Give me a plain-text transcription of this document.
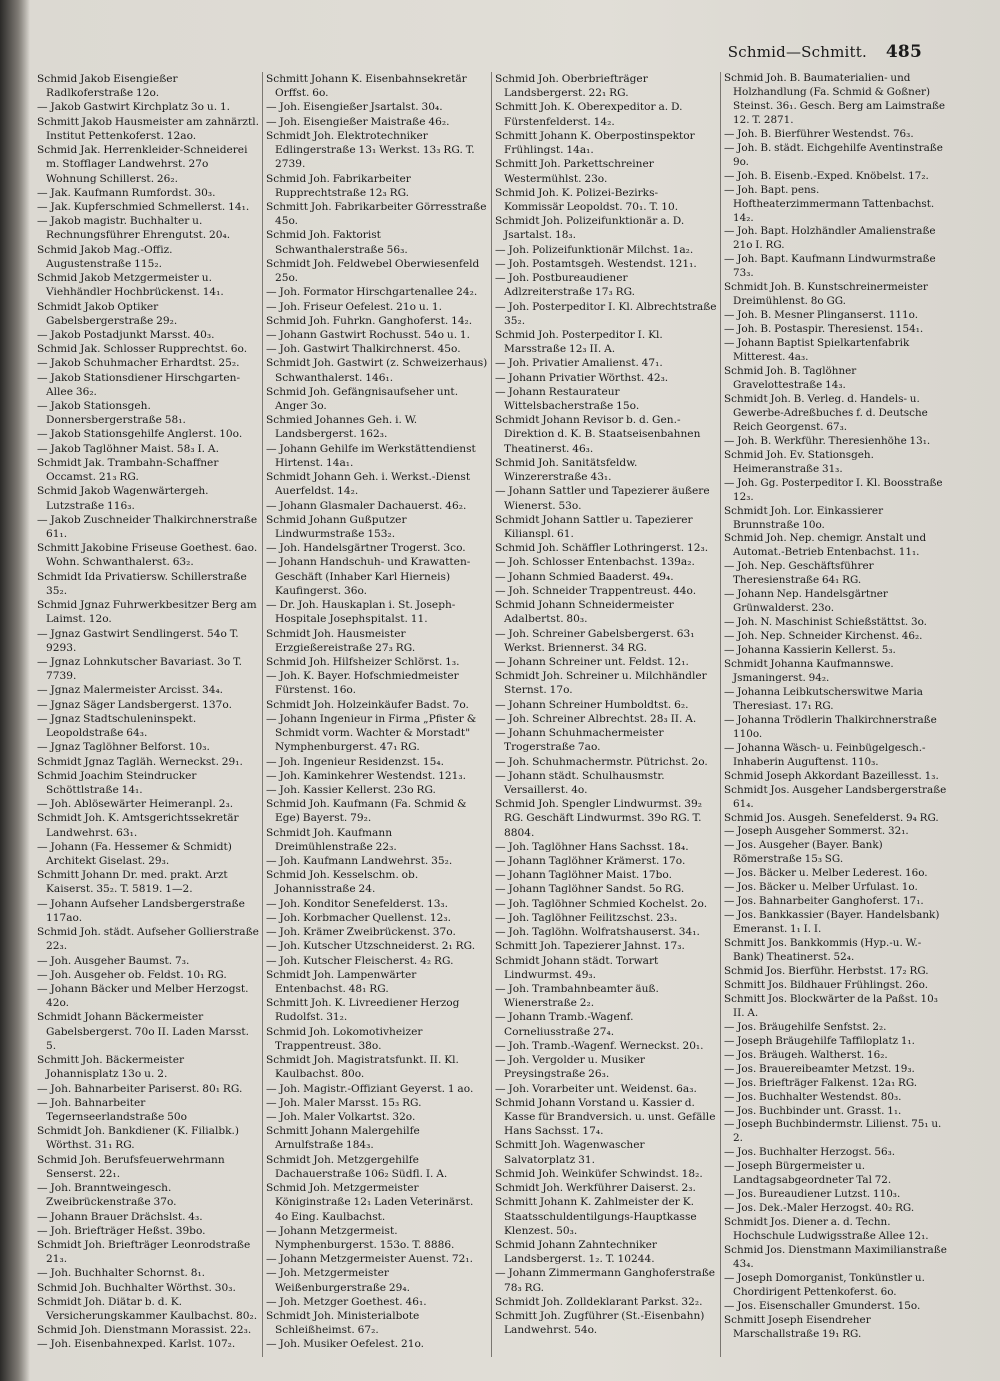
Schmid—Schmitt. 485

Schmid Jakob Eisengießer Radlkoferstraße 12o.

— Jakob Gastwirt Kirchplatz 3o u. 1.

Schmitt Jakob Hausmeister am zahnärztl. Institut Pettenkoferst. 12ao.

Schmid Jak. Herrenkleider-Schneiderei m. Stofflager Landwehrst. 27o Wohnung Schillerst. 26₂.

— Jak. Kaufmann Rumfordst. 30₃.

— Jak. Kupferschmied Schmellerst. 14₁.

— Jakob magistr. Buchhalter u. Rechnungsführer Ehrengutst. 20₄.

Schmid Jakob Mag.-Offiz. Augustenstraße 115₂.

Schmid Jakob Metzgermeister u. Viehhändler Hochbrückenst. 14₁.

Schmidt Jakob Optiker Gabelsbergerstraße 29₂.

— Jakob Postadjunkt Marsst. 40₃.

Schmid Jak. Schlosser Rupprechtst. 6o.

— Jakob Schuhmacher Erhardtst. 25₂.

— Jakob Stationsdiener Hirschgarten-Allee 36₂.

— Jakob Stationsgeh. Donnersbergerstraße 58₁.

— Jakob Stationsgehilfe Anglerst. 10o.

— Jakob Taglöhner Maist. 58₃ I. A.

Schmidt Jak. Trambahn-Schaffner Occamst. 21₃ RG.

Schmid Jakob Wagenwärtergeh. Lutzstraße 116₃.

— Jakob Zuschneider Thalkirchnerstraße 61₁.

Schmitt Jakobine Friseuse Goethest. 6ao. Wohn. Schwanthalerst. 63₂.

Schmidt Ida Privatiersw. Schillerstraße 35₂.

Schmid Jgnaz Fuhrwerkbesitzer Berg am Laimst. 12o.

— Jgnaz Gastwirt Sendlingerst. 54o T. 9293.

— Jgnaz Lohnkutscher Bavariast. 3o T. 7739.

— Jgnaz Malermeister Arcisst. 34₄.

— Jgnaz Säger Landsbergerst. 137o.

— Jgnaz Stadtschuleninspekt. Leopoldstraße 64₃.

— Jgnaz Taglöhner Belforst. 10₃.

Schmidt Jgnaz Tagläh. Werneckst. 29₁.

Schmid Joachim Steindrucker Schöttlstraße 14₁.

— Joh. Ablösewärter Heimeranpl. 2₃.

Schmidt Joh. K. Amtsgerichtssekretär Landwehrst. 63₁.

— Johann (Fa. Hessemer & Schmidt) Architekt Giselast. 29₃.

Schmitt Johann Dr. med. prakt. Arzt Kaiserst. 35₂. T. 5819. 1—2.

— Johann Aufseher Landsbergerstraße 117ao.

Schmid Joh. städt. Aufseher Gollierstraße 22₃.

— Joh. Ausgeher Baumst. 7₃.

— Joh. Ausgeher ob. Feldst. 10₁ RG.

— Johann Bäcker und Melber Herzogst. 42o.

Schmidt Johann Bäckermeister Gabelsbergerst. 70o II. Laden Marsst. 5.

Schmitt Joh. Bäckermeister Johannisplatz 13o u. 2.

— Joh. Bahnarbeiter Pariserst. 80₁ RG.

— Joh. Bahnarbeiter Tegernseerlandstraße 50o

Schmidt Joh. Bankdiener (K. Filialbk.) Wörthst. 31₁ RG.

Schmid Joh. Berufsfeuerwehrmann Senserst. 22₁.

— Joh. Branntweingesch. Zweibrückenstraße 37o.

— Johann Brauer Drächslst. 4₃.

— Joh. Briefträger Heßst. 39bo.

Schmidt Joh. Briefträger Leonrodstraße 21₃.

— Joh. Buchhalter Schornst. 8₁.

Schmid Joh. Buchhalter Wörthst. 30₃.

Schmidt Joh. Diätar b. d. K. Versicherungskammer Kaulbachst. 80₂.

Schmid Joh. Dienstmann Morassist. 22₃.

— Joh. Eisenbahnexped. Karlst. 107₂.

Schmitt Johann K. Eisenbahnsekretär Orffst. 6o.

— Joh. Eisengießer Jsartalst. 30₄.

— Joh. Eisengießer Maistraße 46₂.

Schmidt Joh. Elektrotechniker Edlingerstraße 13₁ Werkst. 13₃ RG. T. 2739.

Schmid Joh. Fabrikarbeiter Rupprechtstraße 12₃ RG.

Schmitt Joh. Fabrikarbeiter Görresstraße 45o.

Schmid Joh. Faktorist Schwanthalerstraße 56₃.

Schmidt Joh. Feldwebel Oberwiesenfeld 25o.

— Joh. Formator Hirschgartenallee 24₂.

— Joh. Friseur Oefelest. 21o u. 1.

Schmid Joh. Fuhrkn. Ganghoferst. 14₂.

— Johann Gastwirt Rochusst. 54o u. 1.

— Joh. Gastwirt Thalkirchnerst. 45o.

Schmidt Joh. Gastwirt (z. Schweizerhaus) Schwanthalerst. 146₁.

Schmid Joh. Gefängnisaufseher unt. Anger 3o.

Schmied Johannes Geh. i. W. Landsbergerst. 162₃.

— Johann Gehilfe im Werkstättendienst Hirtenst. 14a₁.

Schmidt Johann Geh. i. Werkst.-Dienst Auerfeldst. 14₂.

— Johann Glasmaler Dachauerst. 46₂.

Schmid Johann Gußputzer Lindwurmstraße 153₂.

— Joh. Handelsgärtner Trogerst. 3co.

— Johann Handschuh- und Krawatten-Geschäft (Inhaber Karl Hierneis) Kaufingerst. 36o.

— Dr. Joh. Hauskaplan i. St. Joseph-Hospitale Josephspitalst. 11.

Schmidt Joh. Hausmeister Erzgießereistraße 27₃ RG.

Schmid Joh. Hilfsheizer Schlörst. 1₃.

— Joh. K. Bayer. Hofschmiedmeister Fürstenst. 16o.

Schmidt Joh. Holzeinkäufer Badst. 7o.

— Johann Ingenieur in Firma „Pfister & Schmidt vorm. Wachter & Morstadt" Nymphenburgerst. 47₁ RG.

— Joh. Ingenieur Residenzst. 15₄.

— Joh. Kaminkehrer Westendst. 121₃.

— Joh. Kassier Kellerst. 23o RG.

Schmid Joh. Kaufmann (Fa. Schmid & Ege) Bayerst. 79₂.

Schmidt Joh. Kaufmann Dreimühlenstraße 22₃.

— Joh. Kaufmann Landwehrst. 35₂.

Schmid Joh. Kesselschm. ob. Johannisstraße 24.

— Joh. Konditor Senefelderst. 13₃.

— Joh. Korbmacher Quellenst. 12₃.

— Joh. Krämer Zweibrückenst. 37o.

— Joh. Kutscher Utzschneiderst. 2₁ RG.

— Joh. Kutscher Fleischerst. 4₂ RG.

Schmidt Joh. Lampenwärter Entenbachst. 48₁ RG.

Schmitt Joh. K. Livreediener Herzog Rudolfst. 31₂.

Schmid Joh. Lokomotivheizer Trappentreust. 38o.

Schmidt Joh. Magistratsfunkt. II. Kl. Kaulbachst. 80o.

— Joh. Magistr.-Offiziant Geyerst. 1 ao.

— Joh. Maler Marsst. 15₃ RG.

— Joh. Maler Volkartst. 32o.

Schmitt Johann Malergehilfe Arnulfstraße 184₃.

Schmidt Joh. Metzgergehilfe Dachauerstraße 106₂ Südfl. I. A.

Schmid Joh. Metzgermeister Königinstraße 12₁ Laden Veterinärst. 4o Eing. Kaulbachst.

— Johann Metzgermeist. Nymphenburgerst. 153o. T. 8886.

— Johann Metzgermeister Auenst. 72₁.

— Joh. Metzgermeister Weißenburgerstraße 29₄.

— Joh. Metzger Goethest. 46₁.

Schmidt Joh. Ministerialbote Schleißheimst. 67₂.

— Joh. Musiker Oefelest. 21o.

Schmid Joh. Oberbriefträger Landsbergerst. 22₁ RG.

Schmitt Joh. K. Oberexpeditor a. D. Fürstenfelderst. 14₂.

Schmitt Johann K. Oberpostinspektor Frühlingst. 14a₁.

Schmitt Joh. Parkettschreiner Westermühlst. 23o.

Schmid Joh. K. Polizei-Bezirks-Kommissär Leopoldst. 70₁. T. 10.

Schmidt Joh. Polizeifunktionär a. D. Jsartalst. 18₃.

— Joh. Polizeifunktionär Milchst. 1a₂.

— Joh. Postamtsgeh. Westendst. 121₁.

— Joh. Postbureaudiener Adlzreiterstraße 17₃ RG.

— Joh. Posterpeditor I. Kl. Albrechtstraße 35₂.

Schmid Joh. Posterpeditor I. Kl. Marsstraße 12₃ II. A.

— Joh. Privatier Amalienst. 47₁.

— Johann Privatier Wörthst. 42₃.

— Johann Restaurateur Wittelsbacherstraße 15o.

Schmidt Johann Revisor b. d. Gen.-Direktion d. K. B. Staatseisenbahnen Theatinerst. 46₃.

Schmid Joh. Sanitätsfeldw. Winzererstraße 43₁.

— Johann Sattler und Tapezierer äußere Wienerst. 53o.

Schmidt Johann Sattler u. Tapezierer Kilianspl. 61.

Schmid Joh. Schäffler Lothringerst. 12₃.

— Joh. Schlosser Entenbachst. 139a₂.

— Johann Schmied Baaderst. 49₄.

— Joh. Schneider Trappentreust. 44o.

Schmid Johann Schneidermeister Adalbertst. 80₃.

— Joh. Schreiner Gabelsbergerst. 63₁ Werkst. Briennerst. 34 RG.

— Johann Schreiner unt. Feldst. 12₁.

Schmidt Joh. Schreiner u. Milchhändler Sternst. 17o.

— Johann Schreiner Humboldtst. 6₂.

— Joh. Schreiner Albrechtst. 28₃ II. A.

— Johann Schuhmachermeister Trogerstraße 7ao.

— Joh. Schuhmachermstr. Pütrichst. 2o.

— Johann städt. Schulhausmstr. Versaillerst. 4o.

Schmid Joh. Spengler Lindwurmst. 39₂ RG. Geschäft Lindwurmst. 39o RG. T. 8804.

— Joh. Taglöhner Hans Sachsst. 18₄.

— Johann Taglöhner Krämerst. 17o.

— Johann Taglöhner Maist. 17bo.

— Johann Taglöhner Sandst. 5o RG.

— Joh. Taglöhner Schmied Kochelst. 2o.

— Joh. Taglöhner Feilitzschst. 23₃.

— Joh. Taglöhn. Wolfratshauserst. 34₁.

Schmitt Joh. Tapezierer Jahnst. 17₃.

Schmidt Johann städt. Torwart Lindwurmst. 49₃.

— Joh. Trambahnbeamter äuß. Wienerstraße 2₂.

— Johann Tramb.-Wagenf. Corneliusstraße 27₄.

— Joh. Tramb.-Wagenf. Werneckst. 20₁.

— Joh. Vergolder u. Musiker Preysingstraße 26₃.

— Joh. Vorarbeiter unt. Weidenst. 6a₃.

Schmid Johann Vorstand u. Kassier d. Kasse für Brandversich. u. unst. Gefälle Hans Sachsst. 17₄.

Schmitt Joh. Wagenwascher Salvatorplatz 31.

Schmid Joh. Weinküfer Schwindst. 18₂.

Schmidt Joh. Werkführer Daiserst. 2₃.

Schmitt Johann K. Zahlmeister der K. Staatsschuldentilgungs-Hauptkasse Klenzest. 50₃.

Schmid Johann Zahntechniker Landsbergerst. 1₂. T. 10244.

— Johann Zimmermann Ganghoferstraße 78₃ RG.

Schmidt Joh. Zolldeklarant Parkst. 32₂.

Schmitt Joh. Zugführer (St.-Eisenbahn) Landwehrst. 54o.

Schmid Joh. B. Baumaterialien- und Holzhandlung (Fa. Schmid & Goßner) Steinst. 36₁. Gesch. Berg am Laimstraße 12. T. 2871.

— Joh. B. Bierführer Westendst. 76₃.

— Joh. B. städt. Eichgehilfe Aventinstraße 9o.

— Joh. B. Eisenb.-Exped. Knöbelst. 17₂.

— Joh. Bapt. pens. Hoftheaterzimmermann Tattenbachst. 14₂.

— Joh. Bapt. Holzhändler Amalienstraße 21o I. RG.

— Joh. Bapt. Kaufmann Lindwurmstraße 73₃.

Schmidt Joh. B. Kunstschreinermeister Dreimühlenst. 8o GG.

— Joh. B. Mesner Plinganserst. 111o.

— Joh. B. Postaspir. Theresienst. 154₁.

— Johann Baptist Spielkartenfabrik Mitterest. 4a₃.

Schmid Joh. B. Taglöhner Gravelottestraße 14₃.

Schmidt Joh. B. Verleg. d. Handels- u. Gewerbe-Adreßbuches f. d. Deutsche Reich Georgenst. 67₃.

— Joh. B. Werkführ. Theresienhöhe 13₁.

Schmid Joh. Ev. Stationsgeh. Heimeranstraße 31₃.

— Joh. Gg. Posterpeditor I. Kl. Boosstraße 12₃.

Schmidt Joh. Lor. Einkassierer Brunnstraße 10o.

Schmid Joh. Nep. chemigr. Anstalt und Automat.-Betrieb Entenbachst. 11₁.

— Joh. Nep. Geschäftsführer Theresienstraße 64₁ RG.

— Johann Nep. Handelsgärtner Grünwalderst. 23o.

— Joh. N. Maschinist Schießstättst. 3o.

— Joh. Nep. Schneider Kirchenst. 46₂.

— Johanna Kassierin Kellerst. 5₃.

Schmidt Johanna Kaufmannswe. Jsmaningerst. 94₂.

— Johanna Leibkutscherswitwe Maria Theresiast. 17₁ RG.

— Johanna Trödlerin Thalkirchnerstraße 110o.

— Johanna Wäsch- u. Feinbügelgesch.-Inhaberin Auguftenst. 110₃.

Schmid Joseph Akkordant Bazeillesst. 1₃.

Schmidt Jos. Ausgeher Landsbergerstraße 61₄.

Schmid Jos. Ausgeh. Senefelderst. 9₄ RG.

— Joseph Ausgeher Sommerst. 32₁.

— Jos. Ausgeher (Bayer. Bank) Römerstraße 15₃ SG.

— Jos. Bäcker u. Melber Lederest. 16o.

— Jos. Bäcker u. Melber Urfulast. 1o.

— Jos. Bahnarbeiter Ganghoferst. 17₁.

— Jos. Bankkassier (Bayer. Handelsbank) Emeranst. 1₁ I. I.

Schmitt Jos. Bankkommis (Hyp.-u. W.-Bank) Theatinerst. 52₄.

Schmid Jos. Bierführ. Herbstst. 17₂ RG.

Schmitt Jos. Bildhauer Frühlingst. 26o.

Schmitt Jos. Blockwärter de la Paßst. 10₃ II. A.

— Jos. Bräugehilfe Senfstst. 2₂.

— Joseph Bräugehilfe Taffiloplatz 1₁.

— Jos. Bräugeh. Waltherst. 16₂.

— Jos. Brauereibeamter Metzst. 19₃.

— Jos. Briefträger Falkenst. 12a₁ RG.

— Jos. Buchhalter Westendst. 80₃.

— Jos. Buchbinder unt. Grasst. 1₁.

— Joseph Buchbindermstr. Lilienst. 75₁ u. 2.

— Jos. Buchhalter Herzogst. 56₃.

— Joseph Bürgermeister u. Landtagsabgeordneter Tal 72.

— Jos. Bureaudiener Lutzst. 110₃.

— Jos. Dek.-Maler Herzogst. 40₂ RG.

Schmidt Jos. Diener a. d. Techn. Hochschule Ludwigsstraße Allee 12₁.

Schmid Jos. Dienstmann Maximilianstraße 43₄.

— Joseph Domorganist, Tonkünstler u. Chordirigent Pettenkoferst. 6o.

— Jos. Eisenschaller Gmunderst. 15o.

Schmitt Joseph Eisendreher Marschallstraße 19₁ RG.
